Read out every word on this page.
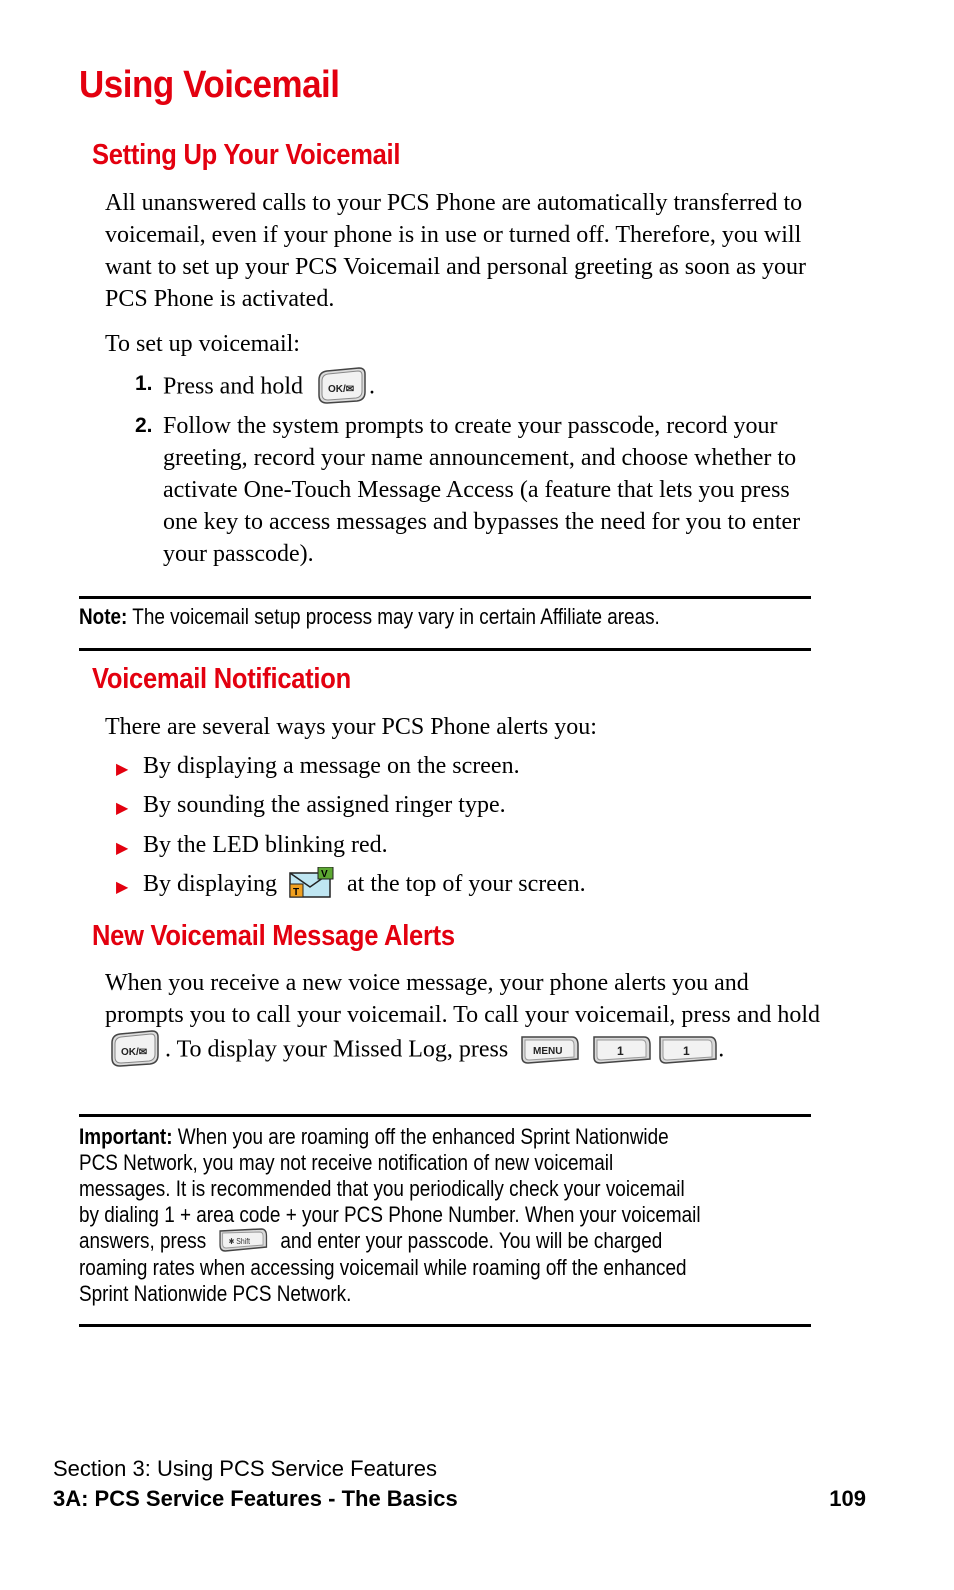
Using Voicemail
Setting Up Your Voicemail
All unanswered calls to your PCS Phone are automatically transferred to voicemail, even if your phone is in use or turned off. Therefore, you will want to set up your PCS Voicemail and personal greeting as soon as your PCS Phone is activated.
To set up voicemail:
1. Press and hold	OK/✉ .
2. Follow the system prompts to create your passcode, record your greeting, record your name announcement, and choose whether to activate One-Touch Message Access (a feature that lets you press one key to access messages and bypasses the need for you to enter your passcode).
Note: The voicemail setup process may vary in certain Affiliate areas.
Voicemail Notification
There are several ways your PCS Phone alerts you:
▶ By displaying a message on the screen.
▶ By sounding the assigned ringer type.
▶ By the LED blinking red.
▶ By displaying T
V at the top of your screen.
New Voicemail Message Alerts
When you receive a new voice message, your phone alerts you and prompts you to call your voicemail. To call your voicemail, press and hold
OK/✉ . To display your Missed Log, press	MENU
	1
	1 .
Important: When you are roaming off the enhanced Sprint Nationwide
PCS Network, you may not receive notification of new voicemail
messages. It is recommended that you periodically check your voicemail
by dialing 1 + area code + your PCS Phone Number. When your voicemail
answers, press	✱ Shift and enter your passcode. You will be charged
roaming rates when accessing voicemail while roaming off the enhanced
Sprint Nationwide PCS Network.
Section 3: Using PCS Service Features
3A: PCS Service Features - The Basics	109
